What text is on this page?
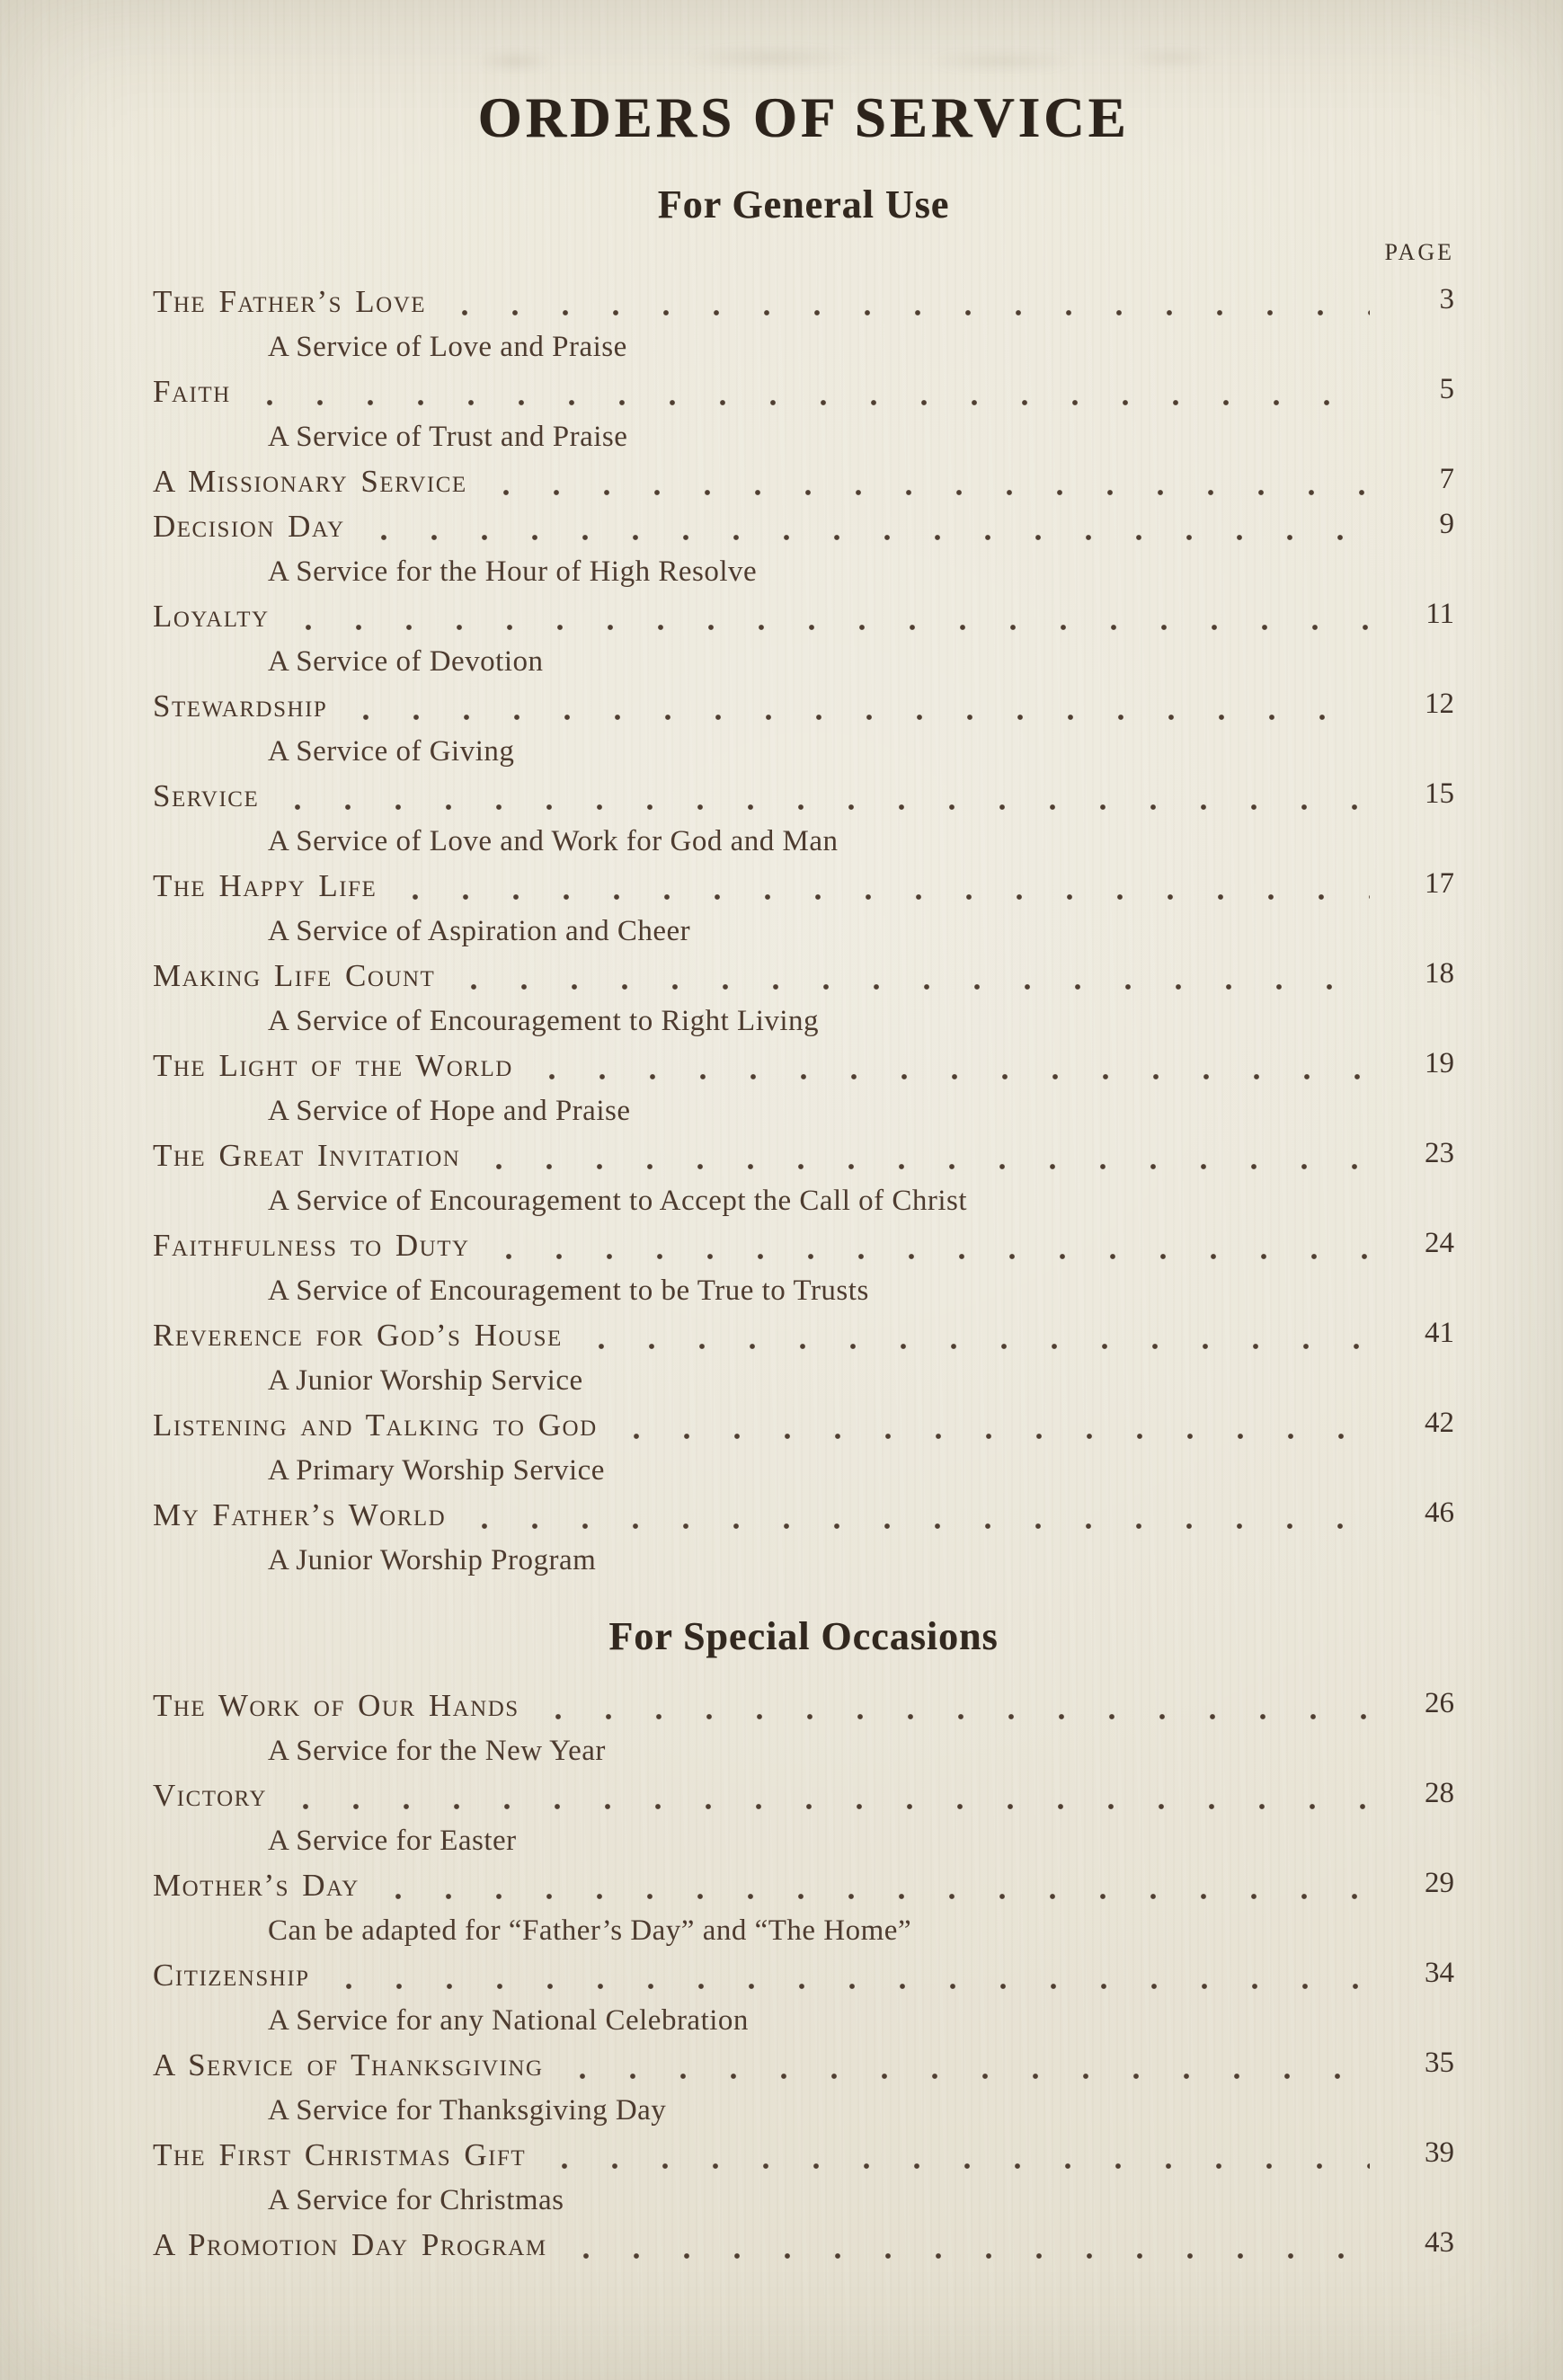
ORDERS OF SERVICE
For General Use
PAGE
The Father’s Love	3
A Service of Love and Praise
Faith	5
A Service of Trust and Praise
A Missionary Service	7
Decision Day	9
A Service for the Hour of High Resolve
Loyalty	11
A Service of Devotion
Stewardship	12
A Service of Giving
Service	15
A Service of Love and Work for God and Man
The Happy Life	17
A Service of Aspiration and Cheer
Making Life Count	18
A Service of Encouragement to Right Living
The Light of the World	19
A Service of Hope and Praise
The Great Invitation	23
A Service of Encouragement to Accept the Call of Christ
Faithfulness to Duty	24
A Service of Encouragement to be True to Trusts
Reverence for God’s House	41
A Junior Worship Service
Listening and Talking to God	42
A Primary Worship Service
My Father’s World	46
A Junior Worship Program
For Special Occasions
The Work of Our Hands	26
A Service for the New Year
Victory	28
A Service for Easter
Mother’s Day	29
Can be adapted for “Father’s Day” and “The Home”
Citizenship	34
A Service for any National Celebration
A Service of Thanksgiving	35
A Service for Thanksgiving Day
The First Christmas Gift	39
A Service for Christmas
A Promotion Day Program	43
